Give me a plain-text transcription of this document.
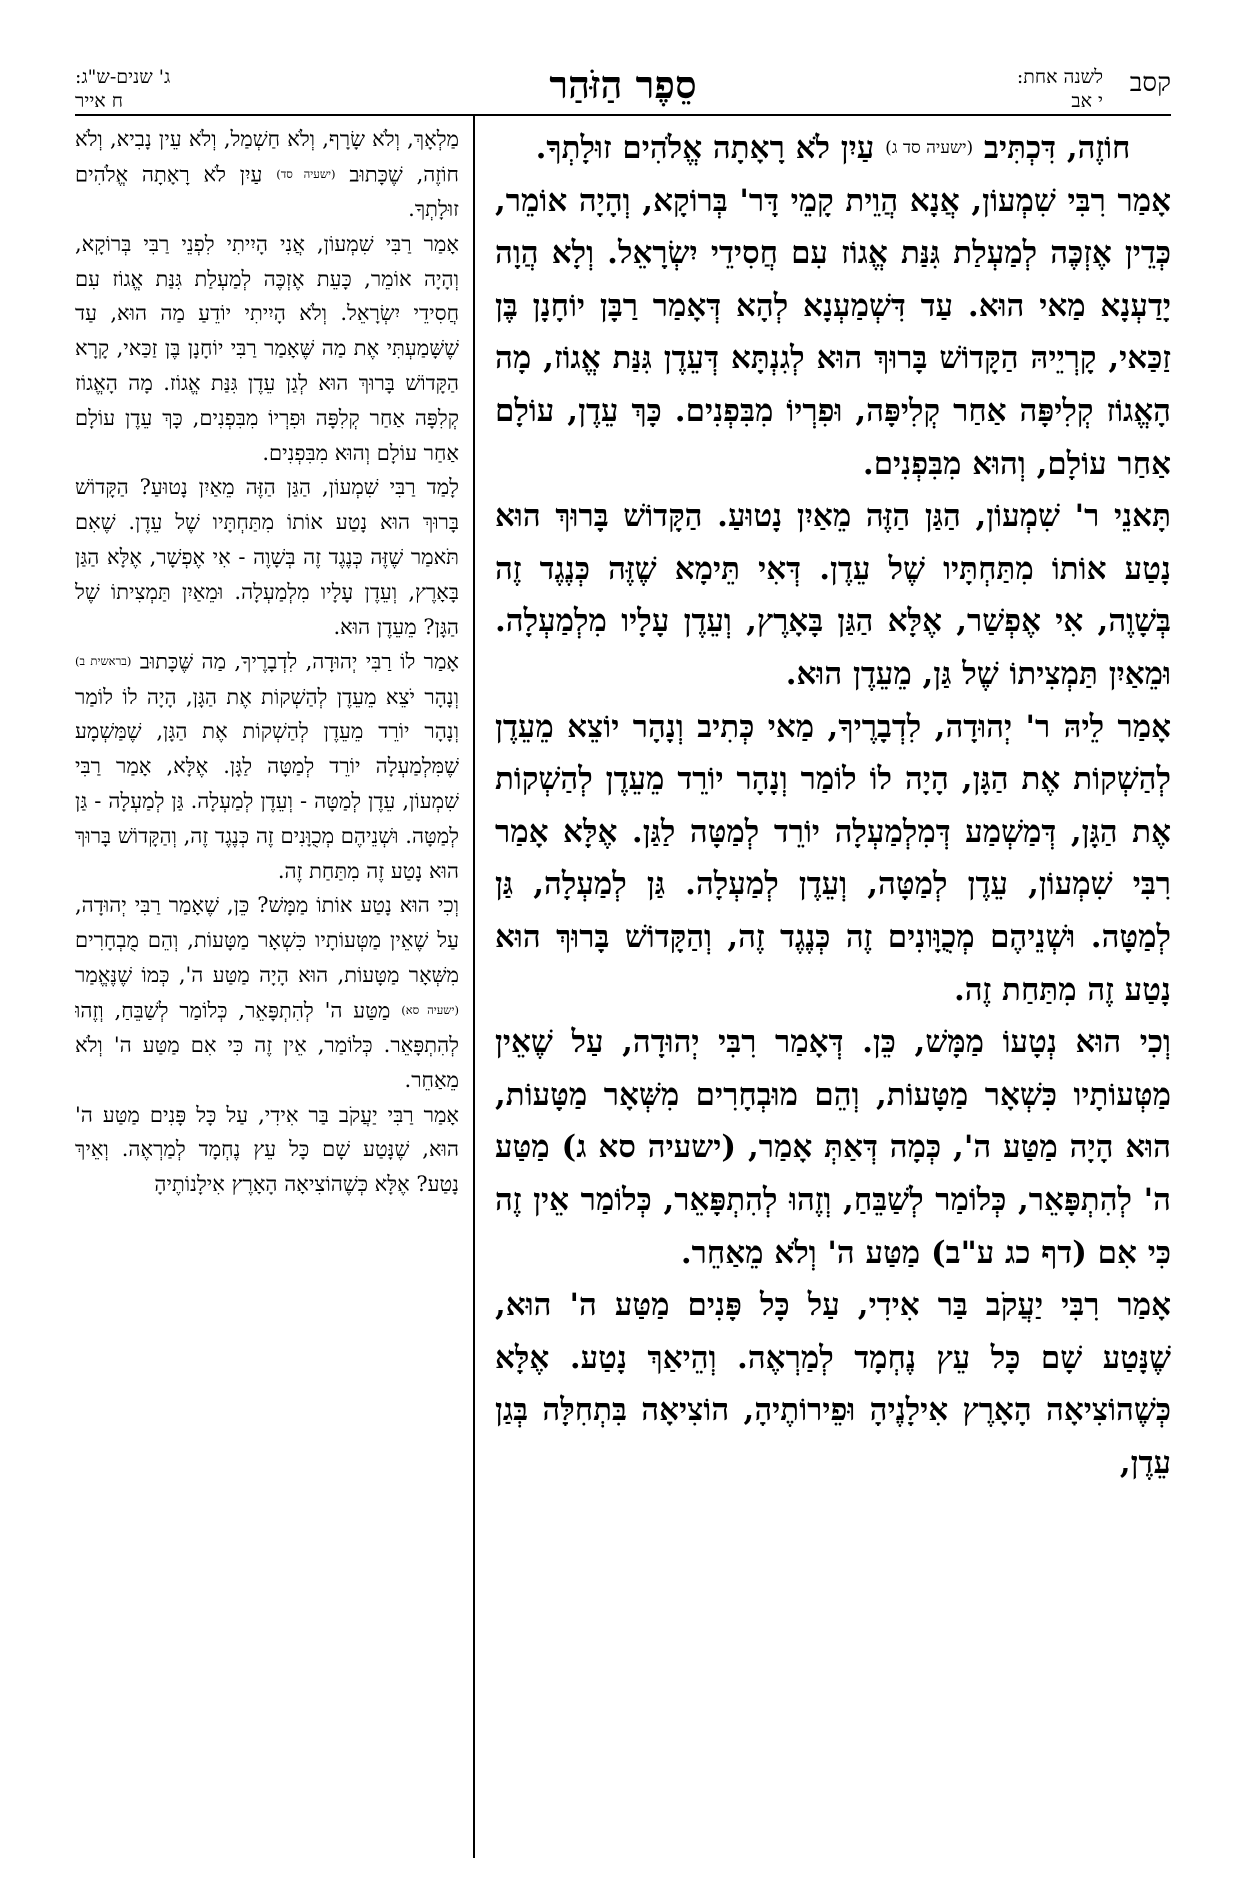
קסב
לשנה אחת:
י אב
סֵפֶר הַזֹּהַר
ג' שנים-ש"ג:
ח אייר

חוֹזֶה, דִּכְתִּיב (ישעיה סד ג) עַיִן לֹא רָאָתָה אֱלֹהִים זוּלָתְךָ.

אָמַר רִבִּי שִׁמְעוֹן, אֲנָא הֲוֵית קָמֵי דָּר' בְּרוֹקָא, וְהָיָה אוֹמֵר, כְּדֵין אֶזְכֶּה לְמַעְלַת גִּנַּת אֱגוֹז עִם חֲסִידֵי יִשְׂרָאֵל. וְלָא הֲוָה יָדַעְנָא מַאי הוּא. עַד דִּשְׁמַעְנָא לְהָא דְּאָמַר רַבָּן יוֹחָנָן בֶּן זַכַּאי, קָרְיֵיהּ הַקָּדוֹשׁ בָּרוּךְ הוּא לְגִנְתָּא דְּעֵדֶן גִּנַּת אֱגוֹז, מָה הָאֱגוֹז קְלִיפָּה אַחַר קְלִיפָּה, וּפִרְיוֹ מִבִּפְנִים. כָּךְ עֵדֶן, עוֹלָם אַחַר עוֹלָם, וְהוּא מִבִּפְנִים.

תָּאנֵי ר' שִׁמְעוֹן, הַגַּן הַזֶּה מֵאַיִן נָטוּעַ. הַקָּדוֹשׁ בָּרוּךְ הוּא נָטַע אוֹתוֹ מִתַּחְתָּיו שֶׁל עֵדֶן. דְּאִי תֵּימָא שֶׁזֶּה כְּנֶגֶד זֶה בְּשָׁוֶה, אִי אֶפְשַׁר, אֶלָּא הַגַּן בָּאָרֶץ, וְעֵדֶן עָלָיו מִלְמַעְלָה. וּמֵאַיִן תַּמְצִיתוֹ שֶׁל גַּן, מֵעֵדֶן הוּא.

אָמַר לֵיהּ ר' יְהוּדָה, לִדְבָרֶיךָ, מַאי כְּתִיב וְנָהָר יוֹצֵא מֵעֵדֶן לְהַשְׁקוֹת אֶת הַגָּן, הָיָה לוֹ לוֹמַר וְנָהָר יוֹרֵד מֵעֵדֶן לְהַשְׁקוֹת אֶת הַגָּן, דְּמַשְׁמַע דְּמִלְמַעְלָה יוֹרֵד לְמַטָּה לַגַּן. אֶלָּא אָמַר רִבִּי שִׁמְעוֹן, עֵדֶן לְמַטָּה, וְעֵדֶן לְמַעְלָה. גַּן לְמַעְלָה, גַּן לְמַטָּה. וּשְׁנֵיהֶם מְכֻוָּונִים זֶה כְּנֶגֶד זֶה, וְהַקָּדוֹשׁ בָּרוּךְ הוּא נָטַע זֶה מִתַּחַת זֶה.

וְכִי הוּא נְטָעוֹ מַמָּשׁ, כֵּן. דְּאָמַר רִבִּי יְהוּדָה, עַל שֶׁאֵין מַטְּעוֹתָיו כִּשְׁאָר מַטָּעוֹת, וְהֵם מוּבְחָרִים מִשְּׁאָר מַטָּעוֹת, הוּא הָיָה מַטַּע ה', כְּמָה דְּאַתְּ אָמַר, (ישעיה סא ג) מַטַּע ה' לְהִתְפָּאֵר, כְּלוֹמַר לְשַׁבֵּחַ, וְזֶהוּ לְהִתְפָּאֵר, כְּלוֹמַר אֵין זֶה כִּי אִם (דף כג ע"ב) מַטַּע ה' וְלֹא מֵאַחֵר.

אָמַר רִבִּי יַעֲקֹב בַּר אִידִי, עַל כָּל פָּנִים מַטַּע ה' הוּא, שֶׁנָּטַע שָׁם כָּל עֵץ נֶחְמָד לְמַרְאֶה. וְהֵיאַךְ נָטַע. אֶלָּא כְּשֶׁהוֹצִיאָה הָאָרֶץ אִילָנֶיהָ וּפֵירוֹתֶיהָ, הוֹצִיאָה בִּתְחִלָּה בְּגַן עֵדֶן,

מַלְאָךְ, וְלֹא שָׂרָף, וְלֹא חַשְׁמַל, וְלֹא עֵין נָבִיא, וְלֹא חוֹזֶה, שֶׁכָּתוּב (ישעיה סד) עַיִן לֹא רָאָתָה אֱלֹהִים זוּלָתְךָ.

אָמַר רַבִּי שִׁמְעוֹן, אֲנִי הָיִיתִי לִפְנֵי רַבִּי בְּרוֹקָא, וְהָיָה אוֹמֵר, כָּעֵת אֶזְכֶּה לְמַעְלַת גִּנַּת אֱגוֹז עִם חֲסִידֵי יִשְׂרָאֵל. וְלֹא הָיִיתִי יוֹדֵעַ מַה הוּא, עַד שֶׁשָּׁמַעְתִּי אֶת מַה שֶּׁאָמַר רַבִּי יוֹחָנָן בֶּן זַכַּאי, קָרָא הַקָּדוֹשׁ בָּרוּךְ הוּא לְגַן עֵדֶן גִּנַּת אֱגוֹז. מָה הָאֱגוֹז קְלִפָּה אַחַר קְלִפָּה וּפִרְיוֹ מִבִּפְנִים, כָּךְ עֵדֶן עוֹלָם אַחַר עוֹלָם וְהוּא מִבִּפְנִים.

לָמַד רַבִּי שִׁמְעוֹן, הַגַּן הַזֶּה מֵאַיִן נָטוּעַ? הַקָּדוֹשׁ בָּרוּךְ הוּא נָטַע אוֹתוֹ מִתַּחְתָּיו שֶׁל עֵדֶן. שֶׁאִם תֹּאמַר שֶׁזֶּה כְּנֶגֶד זֶה בְּשָׁוֶה - אִי אֶפְשָׁר, אֶלָּא הַגַּן בָּאָרֶץ, וְעֵדֶן עָלָיו מִלְמַעְלָה. וּמֵאַיִן תַּמְצִיתוֹ שֶׁל הַגָּן? מֵעֵדֶן הוּא.

אָמַר לוֹ רַבִּי יְהוּדָה, לִדְבָרֶיךָ, מַה שֶּׁכָּתוּב (בראשית ב) וְנָהָר יֹצֵא מֵעֵדֶן לְהַשְׁקוֹת אֶת הַגָּן, הָיָה לוֹ לוֹמַר וְנָהָר יוֹרֵד מֵעֵדֶן לְהַשְׁקוֹת אֶת הַגָּן, שֶׁמַּשְׁמָע שֶׁמִּלְמַעְלָה יוֹרֵד לְמַטָּה לַגָּן. אֶלָּא, אָמַר רַבִּי שִׁמְעוֹן, עֵדֶן לְמַטָּה - וְעֵדֶן לְמַעְלָה. גַּן לְמַעְלָה - גַּן לְמַטָּה. וּשְׁנֵיהֶם מְכֻוָּנִים זֶה כְּנֶגֶד זֶה, וְהַקָּדוֹשׁ בָּרוּךְ הוּא נָטַע זֶה מִתַּחַת זֶה.

וְכִי הוּא נָטַע אוֹתוֹ מַמָּשׁ? כֵּן, שֶׁאָמַר רַבִּי יְהוּדָה, עַל שֶׁאֵין מַטְּעוֹתָיו כִּשְׁאָר מַטָּעוֹת, וְהֵם מֻבְחָרִים מִשְּׁאָר מַטָּעוֹת, הוּא הָיָה מַטַּע ה', כְּמוֹ שֶׁנֶּאֱמַר (ישעיה סא) מַטַּע ה' לְהִתְפָּאֵר, כְּלוֹמַר לְשַׁבֵּחַ, וְזֶהוּ לְהִתְפָּאֵר. כְּלוֹמַר, אֵין זֶה כִּי אִם מַטַּע ה' וְלֹא מֵאַחֵר.

אָמַר רַבִּי יַעֲקֹב בַּר אִידִי, עַל כָּל פָּנִים מַטַּע ה' הוּא, שֶׁנָּטַע שָׁם כָּל עֵץ נֶחְמָד לְמַרְאֶה. וְאֵיךְ נָטַע? אֶלָּא כְּשֶׁהוֹצִיאָה הָאָרֶץ אִילָנוֹתֶיהָ
